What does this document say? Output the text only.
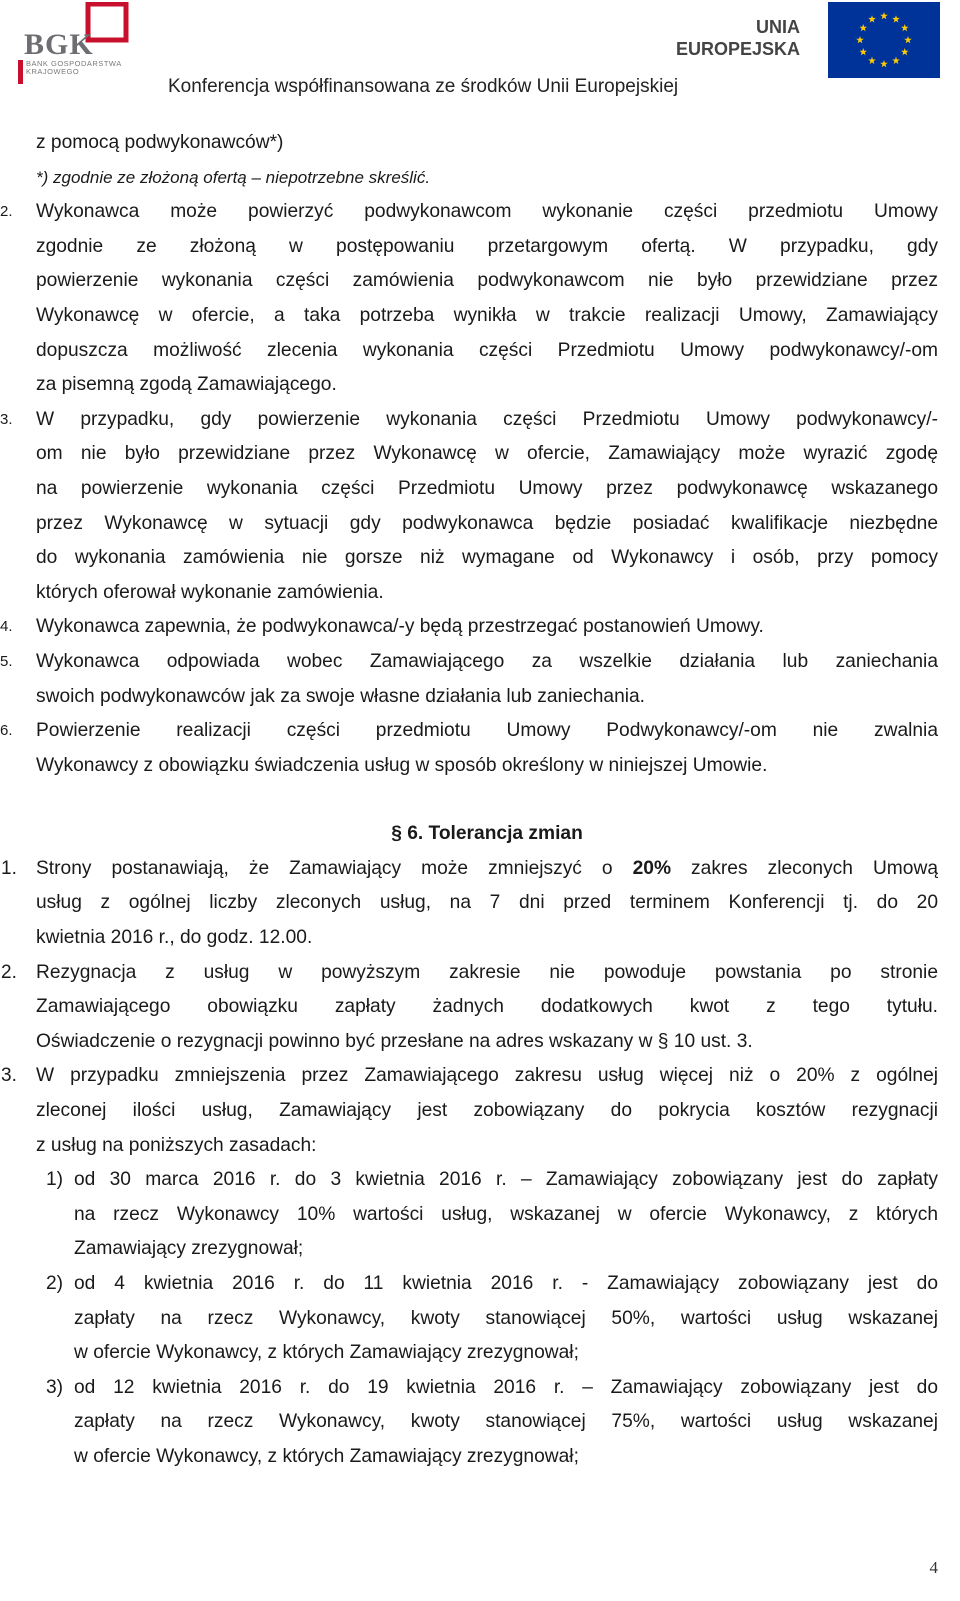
BGK
BANK GOSPODARSTWA
KRAJOWEGO
UNIA
EUROPEJSKA
Konferencja współfinansowana ze środków Unii Europejskiej
z pomocą podwykonawców*)
*) zgodnie ze złożoną ofertą – niepotrzebne skreślić.
2. Wykonawca może powierzyć podwykonawcom wykonanie części przedmiotu Umowy
zgodnie ze złożoną w postępowaniu przetargowym ofertą. W przypadku, gdy
powierzenie wykonania części zamówienia podwykonawcom nie było przewidziane przez
Wykonawcę w ofercie, a taka potrzeba wynikła w trakcie realizacji Umowy, Zamawiający
dopuszcza możliwość zlecenia wykonania części Przedmiotu Umowy podwykonawcy/-om
za pisemną zgodą Zamawiającego.
3. W przypadku, gdy powierzenie wykonania części Przedmiotu Umowy podwykonawcy/-
om nie było przewidziane przez Wykonawcę w ofercie, Zamawiający może wyrazić zgodę
na powierzenie wykonania części Przedmiotu Umowy przez podwykonawcę wskazanego
przez Wykonawcę w sytuacji gdy podwykonawca będzie posiadać kwalifikacje niezbędne
do wykonania zamówienia nie gorsze niż wymagane od Wykonawcy i osób, przy pomocy
których oferował wykonanie zamówienia.
4. Wykonawca zapewnia, że podwykonawca/-y będą przestrzegać postanowień Umowy.
5. Wykonawca odpowiada wobec Zamawiającego za wszelkie działania lub zaniechania
swoich podwykonawców jak za swoje własne działania lub zaniechania.
6. Powierzenie realizacji części przedmiotu Umowy Podwykonawcy/-om nie zwalnia
Wykonawcy z obowiązku świadczenia usług w sposób określony w niniejszej Umowie.
§ 6. Tolerancja zmian
1. Strony postanawiają, że Zamawiający może zmniejszyć o 20% zakres zleconych Umową
usług z ogólnej liczby zleconych usług, na 7 dni przed terminem Konferencji tj. do 20
kwietnia 2016 r., do godz. 12.00.
2. Rezygnacja z usług w powyższym zakresie nie powoduje powstania po stronie
Zamawiającego obowiązku zapłaty żadnych dodatkowych kwot z tego tytułu.
Oświadczenie o rezygnacji powinno być przesłane na adres wskazany w § 10 ust. 3.
3. W przypadku zmniejszenia przez Zamawiającego zakresu usług więcej niż o 20% z ogólnej
zleconej ilości usług, Zamawiający jest zobowiązany do pokrycia kosztów rezygnacji
z usług na poniższych zasadach:
1) od 30 marca 2016 r. do 3 kwietnia 2016 r. – Zamawiający zobowiązany jest do zapłaty
na rzecz Wykonawcy 10% wartości usług, wskazanej w ofercie Wykonawcy, z których
Zamawiający zrezygnował;
2) od 4 kwietnia 2016 r. do 11 kwietnia 2016 r. - Zamawiający zobowiązany jest do
zapłaty na rzecz Wykonawcy, kwoty stanowiącej 50%, wartości usług wskazanej
w ofercie Wykonawcy, z których Zamawiający zrezygnował;
3) od 12 kwietnia 2016 r. do 19 kwietnia 2016 r. – Zamawiający zobowiązany jest do
zapłaty na rzecz Wykonawcy, kwoty stanowiącej 75%, wartości usług wskazanej
w ofercie Wykonawcy, z których Zamawiający zrezygnował;
4
